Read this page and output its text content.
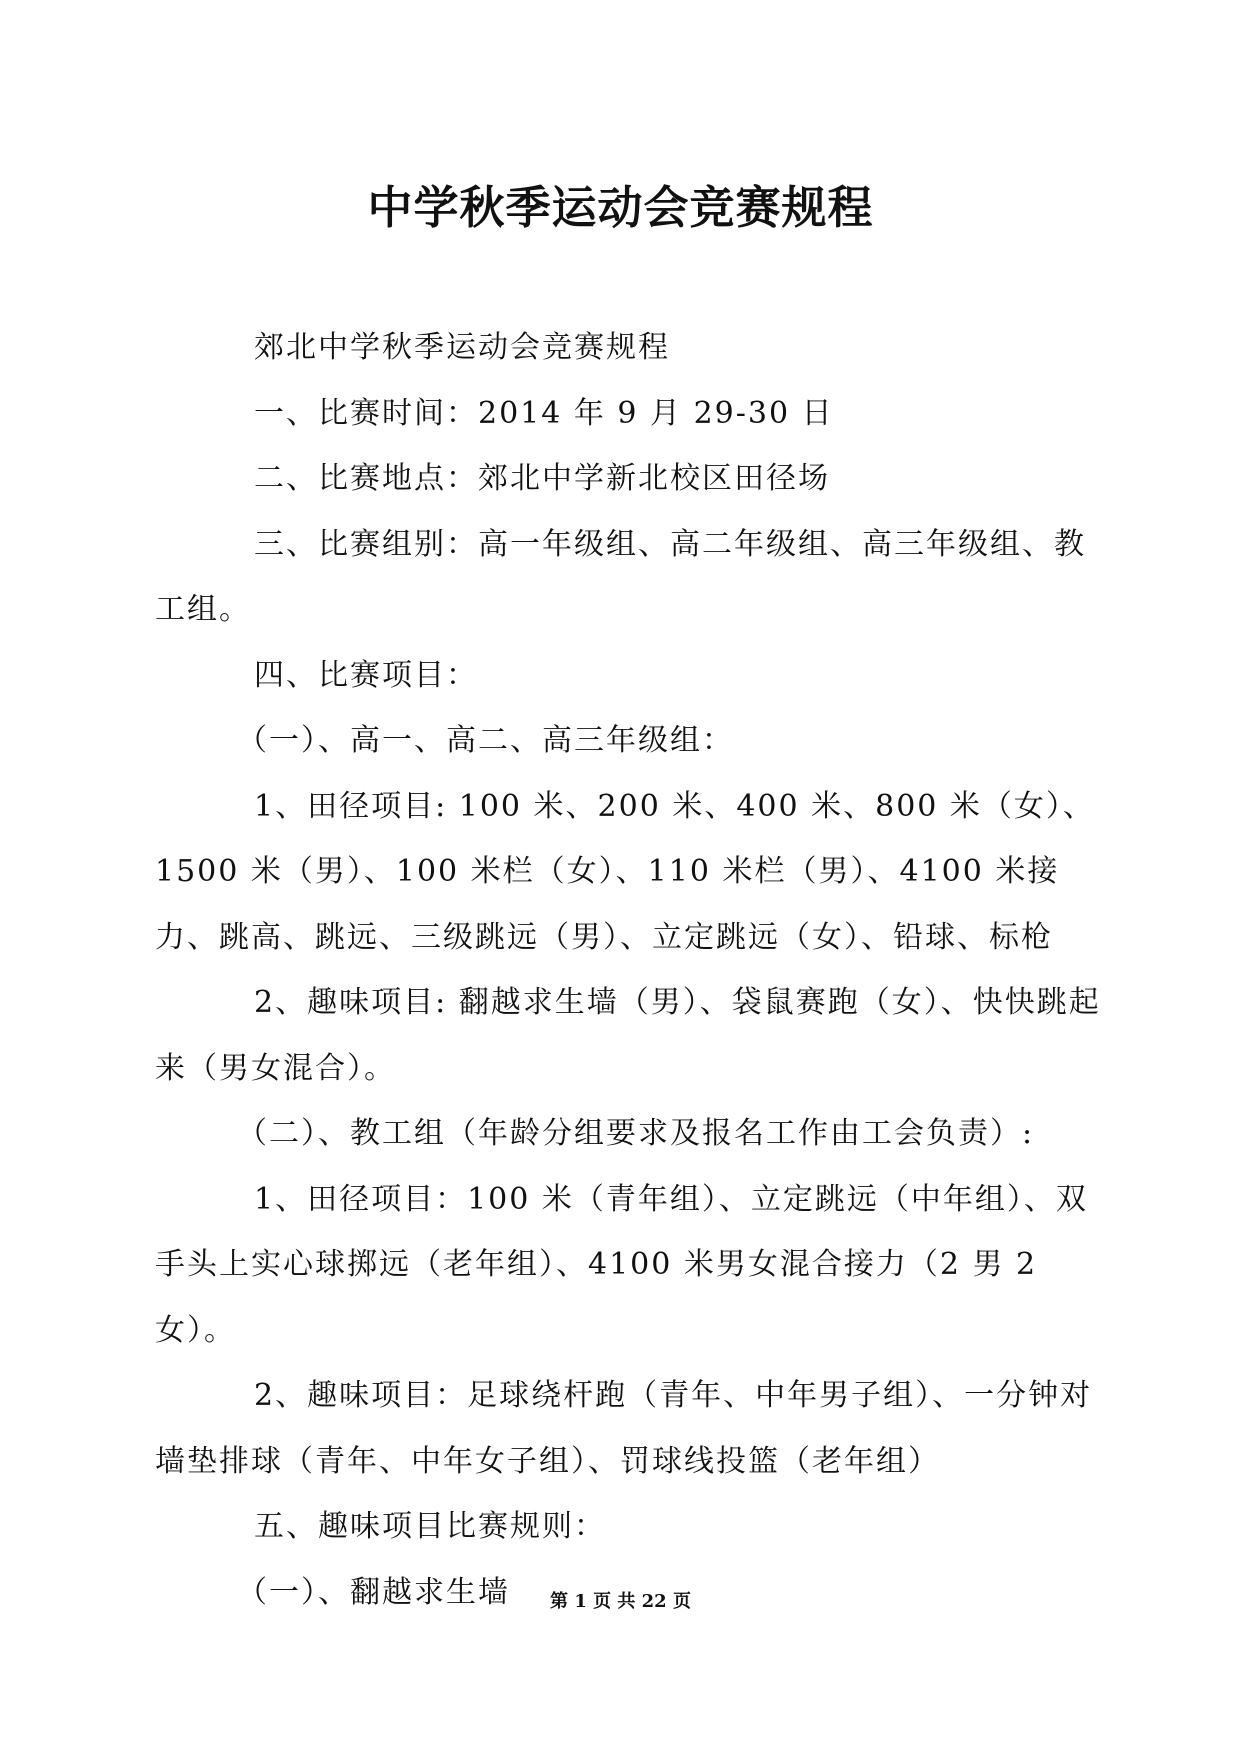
中学秋季运动会竞赛规程

郊北中学秋季运动会竞赛规程

一、比赛时间：2014 年 9 月 29-30 日

二、比赛地点：郊北中学新北校区田径场

三、比赛组别：高一年级组、高二年级组、高三年级组、教工组。

四、比赛项目：

（一）、高一、高二、高三年级组：

1、田径项目: 100 米、200 米、400 米、800 米（女）、1500 米（男）、100 米栏（女）、110 米栏（男）、4100 米接力、跳高、跳远、三级跳远（男）、立定跳远（女）、铅球、标枪

2、趣味项目: 翻越求生墙（男）、袋鼠赛跑（女）、快快跳起来（男女混合）。

（二）、教工组（年龄分组要求及报名工作由工会负责）:

1、田径项目：100 米（青年组）、立定跳远（中年组）、双手头上实心球掷远（老年组）、4100 米男女混合接力（2 男 2 女）。

2、趣味项目：足球绕杆跑（青年、中年男子组）、一分钟对墙垫排球（青年、中年女子组）、罚球线投篮（老年组）

五、趣味项目比赛规则：

（一）、翻越求生墙	第 1 页 共 22 页
